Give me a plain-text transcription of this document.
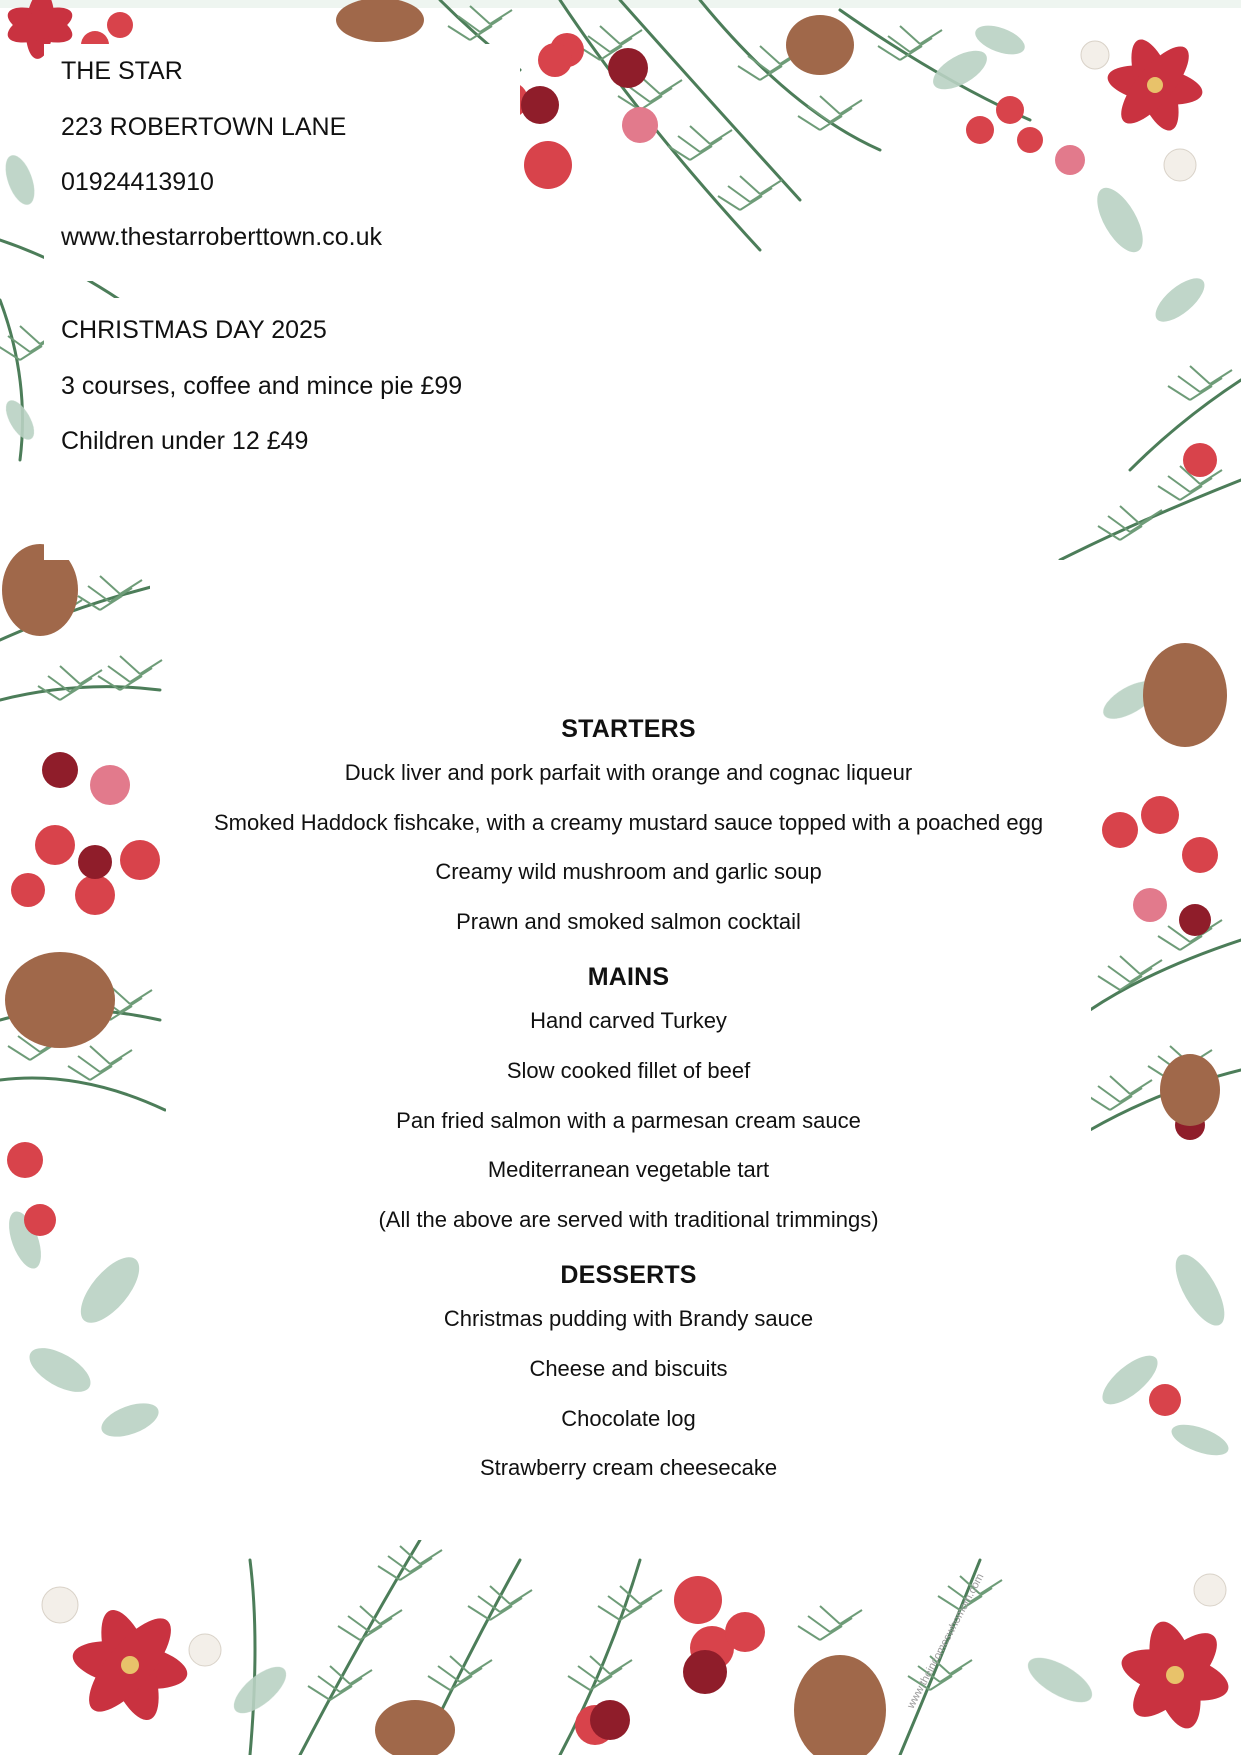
THE STAR

223 ROBERTOWN LANE

01924413910

www.thestarroberttown.co.uk

CHRISTMAS DAY 2025

3 courses, coffee and mince pie £99

Children under 12 £49

STARTERS

Duck liver and pork parfait with orange and cognac liqueur

Smoked Haddock fishcake, with a creamy mustard sauce topped with a poached egg

Creamy wild mushroom and garlic soup

Prawn and smoked salmon cocktail

MAINS

Hand carved Turkey

Slow cooked fillet of beef

Pan fried salmon with a parmesan cream sauce

Mediterranean vegetable tart

(All the above are served with traditional trimmings)

DESSERTS

Christmas pudding with Brandy sauce

Cheese and biscuits

Chocolate log

Strawberry cream cheesecake

www.theincomeswhomom.com
